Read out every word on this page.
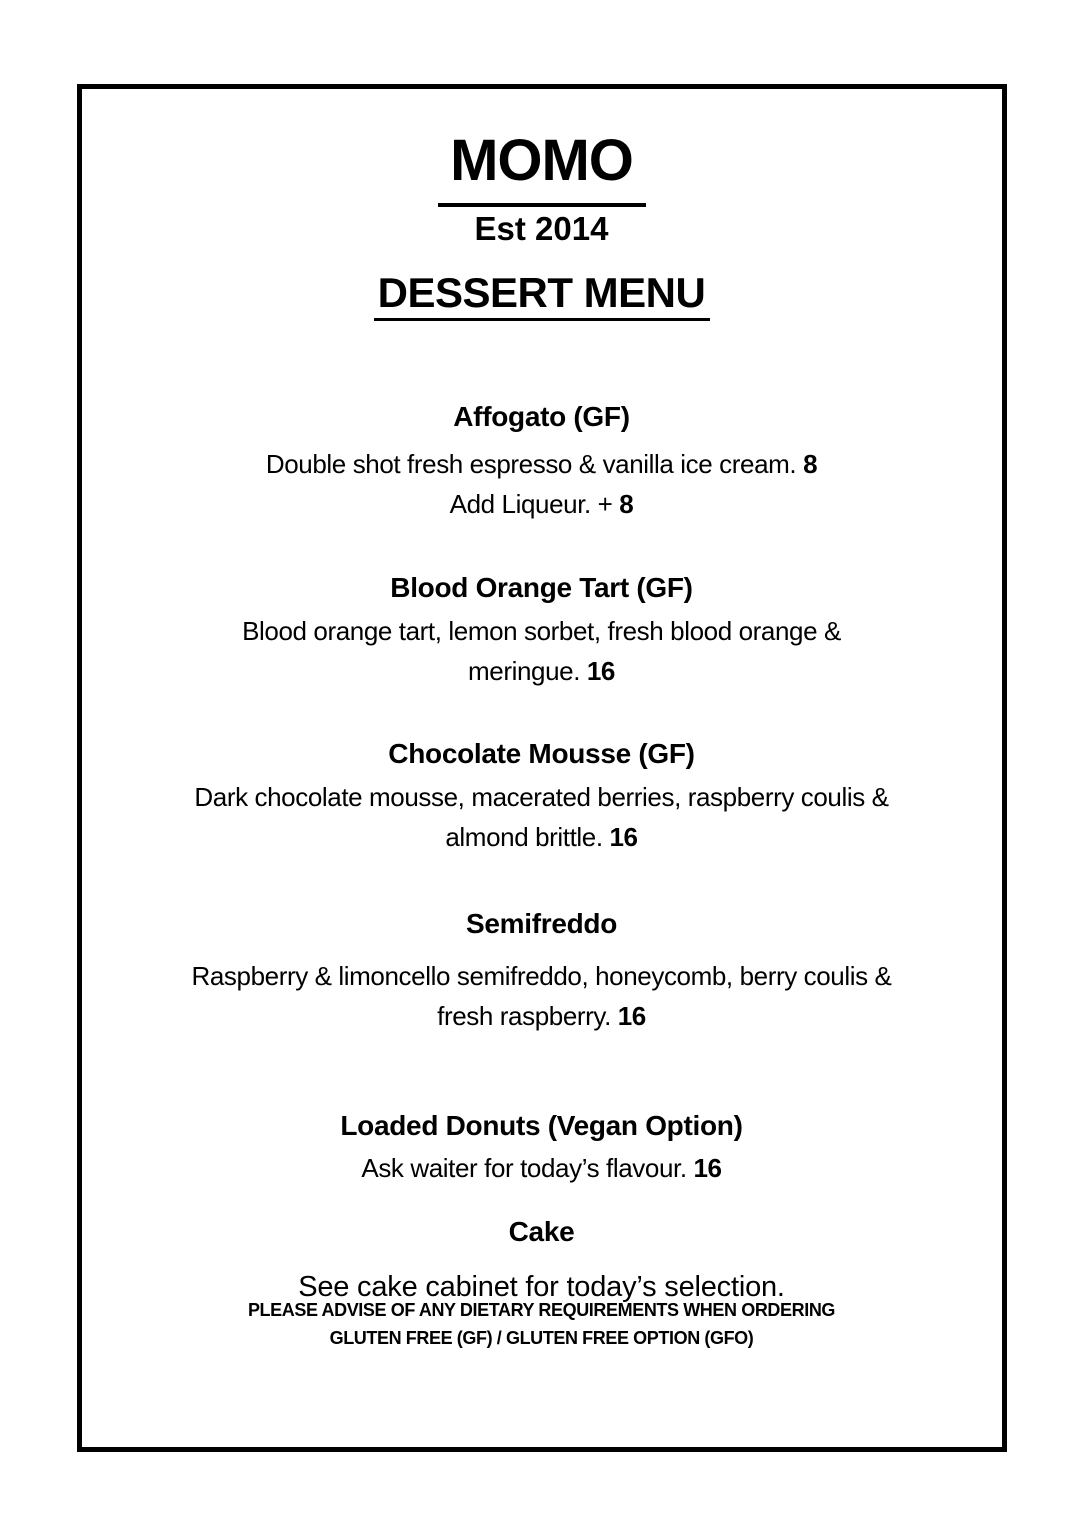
MOMO
Est 2014
DESSERT MENU
Affogato (GF)
Double shot fresh espresso & vanilla ice cream. 8
Add Liqueur. + 8
Blood Orange Tart (GF)
Blood orange tart, lemon sorbet, fresh blood orange &
meringue. 16
Chocolate Mousse (GF)
Dark chocolate mousse, macerated berries, raspberry coulis &
almond brittle. 16
Semifreddo
Raspberry & limoncello semifreddo, honeycomb, berry coulis &
fresh raspberry. 16
Loaded Donuts (Vegan Option)
Ask waiter for today’s flavour. 16
Cake
See cake cabinet for today’s selection.
PLEASE ADVISE OF ANY DIETARY REQUIREMENTS WHEN ORDERING
GLUTEN FREE (GF) / GLUTEN FREE OPTION (GFO)
